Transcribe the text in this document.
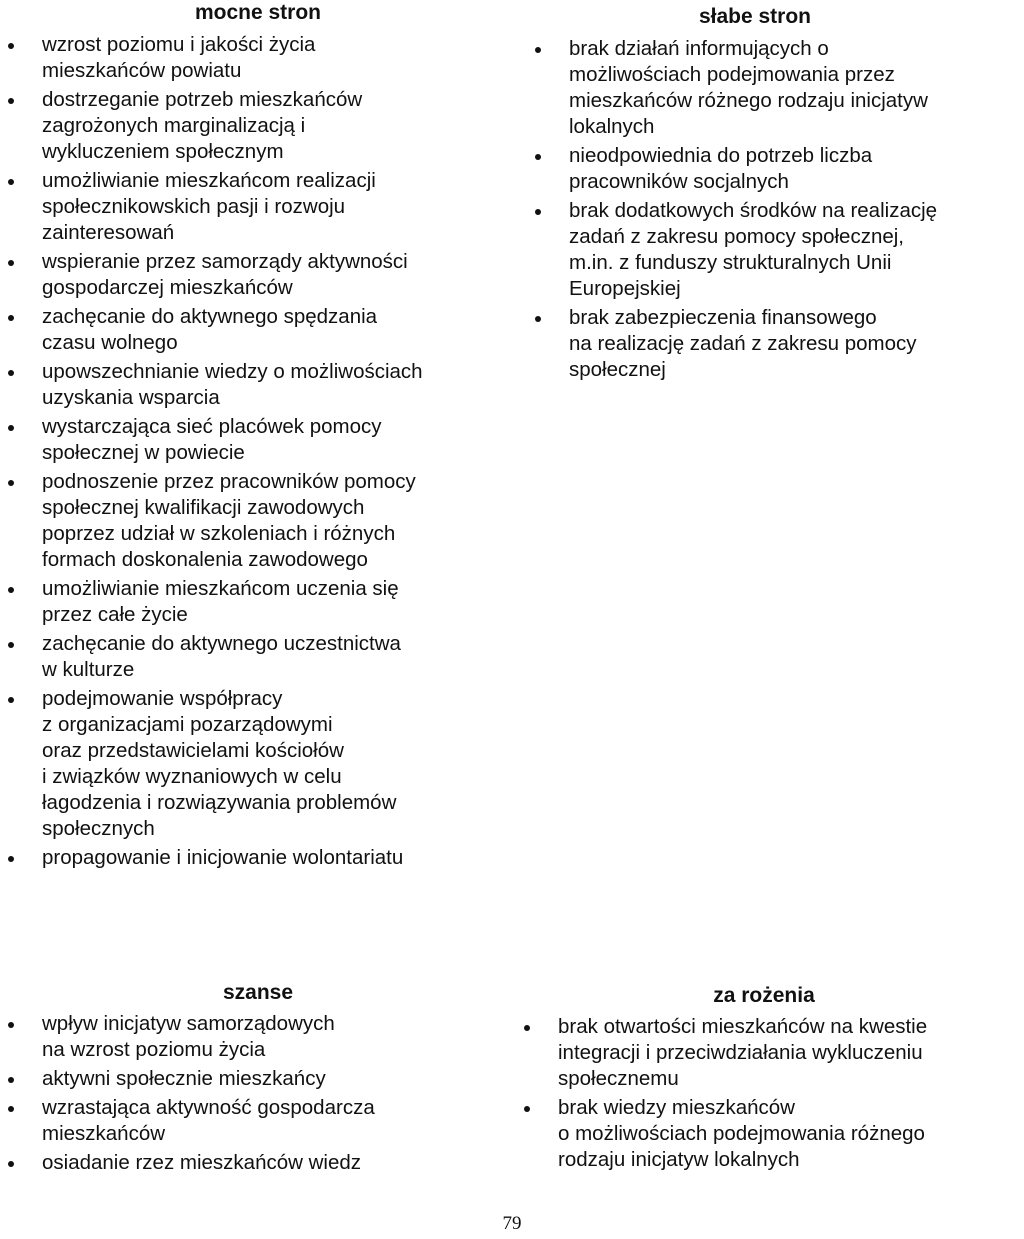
mocne stron
wzrost poziomu i jakości życia
mieszkańców powiatu
dostrzeganie potrzeb mieszkańców
zagrożonych marginalizacją i
wykluczeniem społecznym
umożliwianie mieszkańcom realizacji
społecznikowskich pasji i rozwoju
zainteresowań
wspieranie przez samorządy aktywności
gospodarczej mieszkańców
zachęcanie do aktywnego spędzania
czasu wolnego
upowszechnianie wiedzy o możliwościach
uzyskania wsparcia
wystarczająca sieć placówek pomocy
społecznej w powiecie
podnoszenie przez pracowników pomocy
społecznej kwalifikacji zawodowych
poprzez udział w szkoleniach i różnych
formach doskonalenia zawodowego
umożliwianie mieszkańcom uczenia się
przez całe życie
zachęcanie do aktywnego uczestnictwa
w kulturze
podejmowanie współpracy
z organizacjami pozarządowymi
oraz przedstawicielami kościołów
i związków wyznaniowych w celu
łagodzenia i rozwiązywania problemów
społecznych
propagowanie i inicjowanie wolontariatu
słabe stron
brak działań informujących o
możliwościach podejmowania przez
mieszkańców różnego rodzaju inicjatyw
lokalnych
nieodpowiednia do potrzeb liczba
pracowników socjalnych
brak dodatkowych środków na realizację
zadań z zakresu pomocy społecznej,
m.in. z funduszy strukturalnych Unii
Europejskiej
brak zabezpieczenia finansowego
na realizację zadań z zakresu pomocy
społecznej
szanse
wpływ inicjatyw samorządowych
na wzrost poziomu życia
aktywni społecznie mieszkańcy
wzrastająca aktywność gospodarcza
mieszkańców
osiadanie rzez mieszkańców wiedz
za rożenia
brak otwartości mieszkańców na kwestie
integracji i przeciwdziałania wykluczeniu
społecznemu
brak wiedzy mieszkańców
o możliwościach podejmowania różnego
rodzaju inicjatyw lokalnych
79
